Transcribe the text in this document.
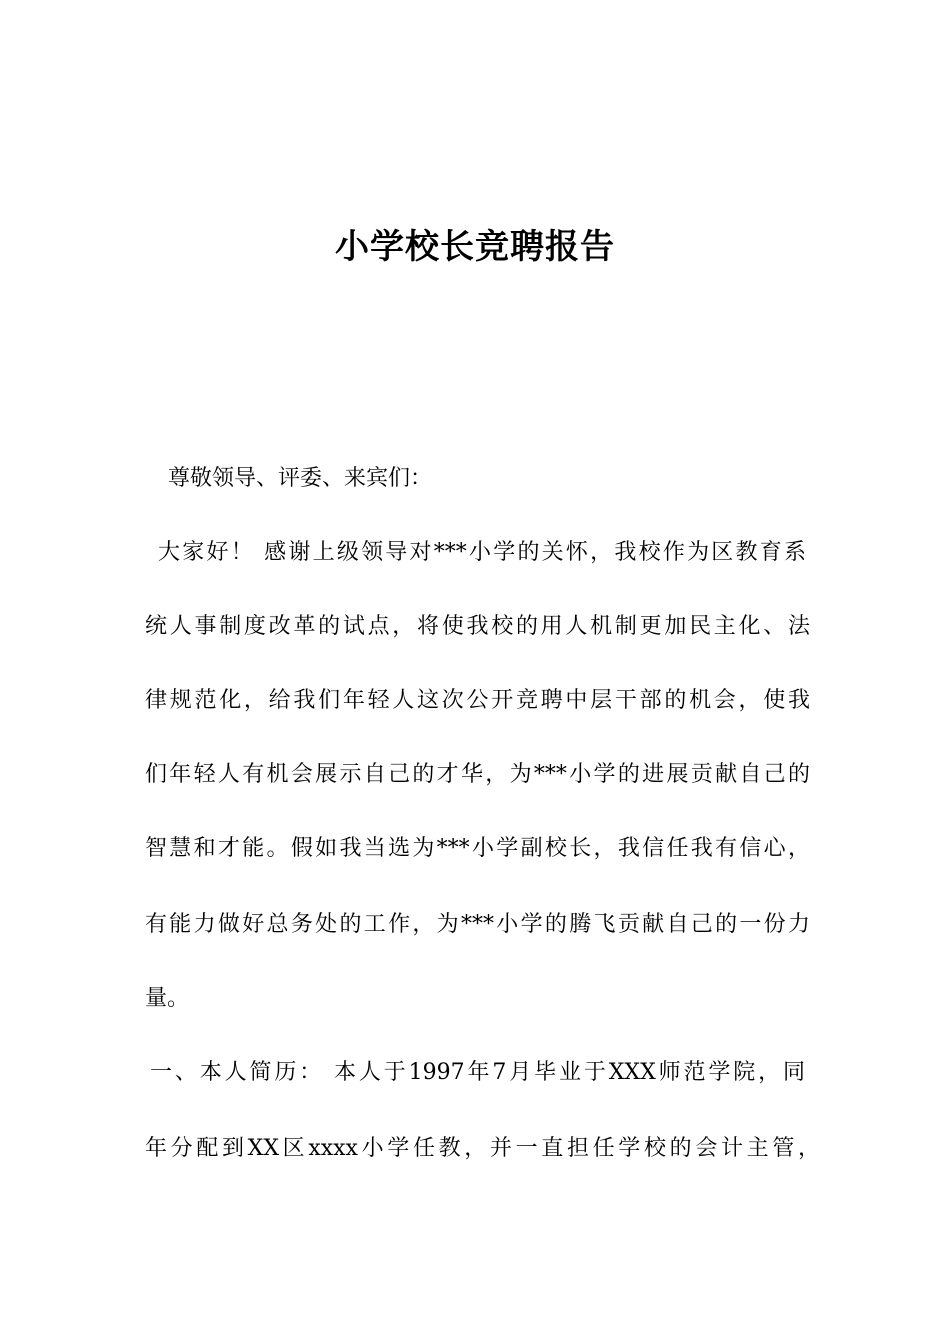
小学校长竞聘报告
尊敬领导、评委、来宾们：
大家好！ 感谢上级领导对***小学的关怀，我校作为区教育系
统人事制度改革的试点，将使我校的用人机制更加民主化、法
律规范化，给我们年轻人这次公开竞聘中层干部的机会，使我
们年轻人有机会展示自己的才华，为***小学的进展贡献自己的
智慧和才能。假如我当选为***小学副校长，我信任我有信心，
有能力做好总务处的工作，为***小学的腾飞贡献自己的一份力
量。
一、本人简历： 本人于1997年7月毕业于XXX师范学院，同
年分配到XX区xxxx小学任教，并一直担任学校的会计主管，
